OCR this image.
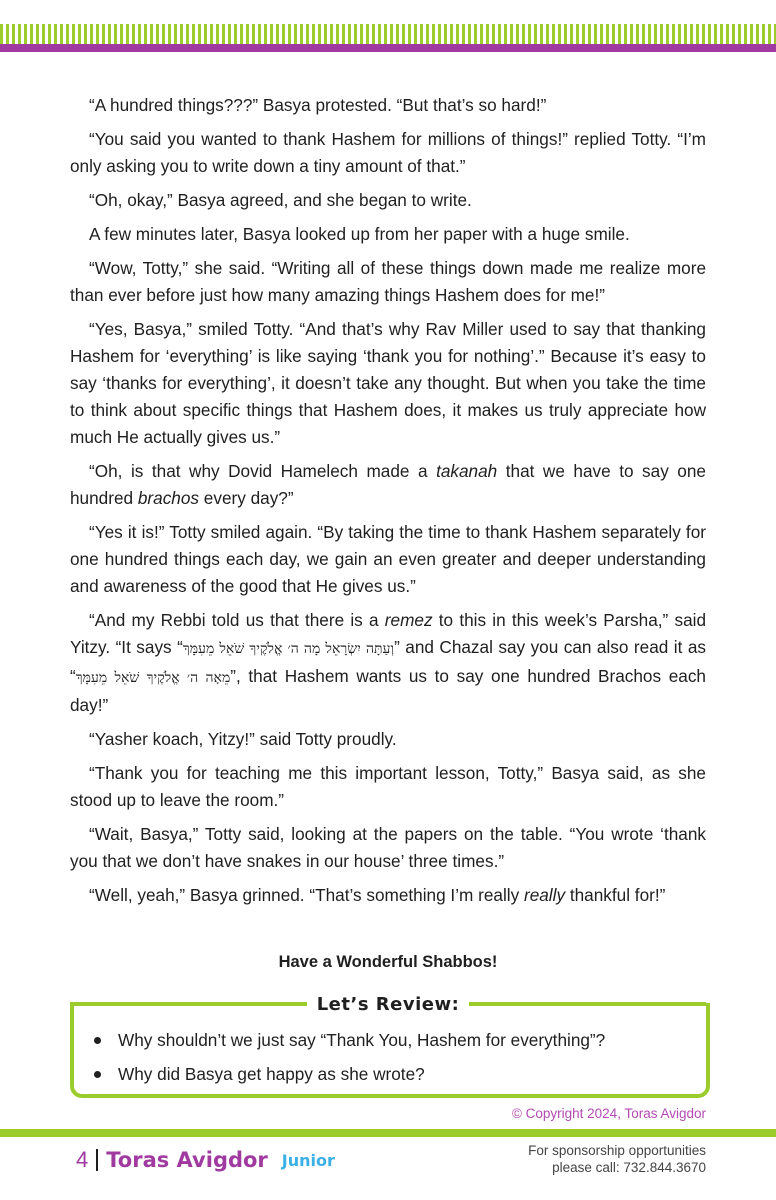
“A hundred things???” Basya protested. “But that’s so hard!”

“You said you wanted to thank Hashem for millions of things!” replied Totty. “I’m only asking you to write down a tiny amount of that.”

“Oh, okay,” Basya agreed, and she began to write.

A few minutes later, Basya looked up from her paper with a huge smile.

“Wow, Totty,” she said. “Writing all of these things down made me realize more than ever before just how many amazing things Hashem does for me!”

“Yes, Basya,” smiled Totty. “And that’s why Rav Miller used to say that thanking Hashem for ‘everything’ is like saying ‘thank you for nothing’.” Because it’s easy to say ‘thanks for everything’, it doesn’t take any thought. But when you take the time to think about specific things that Hashem does, it makes us truly appreciate how much He actually gives us.”

“Oh, is that why Dovid Hamelech made a takanah that we have to say one hundred brachos every day?”

“Yes it is!” Totty smiled again. “By taking the time to thank Hashem separately for one hundred things each day, we gain an even greater and deeper understanding and awareness of the good that He gives us.”

“And my Rebbi told us that there is a remez to this in this week’s Parsha,” said Yitzy. “It says “וְעַתָּה יִשְׂרָאֵל מָה ה׳ אֱלֹקֶיךָ שֹׁאֵל מֵעִמָּךְ” and Chazal say you can also read it as “מֵאָה ה׳ אֱלֹקֶיךָ שֹׁאֵל מֵעִמָּךְ”, that Hashem wants us to say one hundred Brachos each day!”

“Yasher koach, Yitzy!” said Totty proudly.

“Thank you for teaching me this important lesson, Totty,” Basya said, as she stood up to leave the room.”

“Wait, Basya,” Totty said, looking at the papers on the table. “You wrote ‘thank you that we don’t have snakes in our house’ three times.”

“Well, yeah,” Basya grinned. “That’s something I’m really really thankful for!”

Have a Wonderful Shabbos!
Why shouldn’t we just say “Thank You, Hashem for everything”?
Why did Basya get happy as she wrote?
Let’s Review:
© Copyright 2024, Toras Avigdor
4 Toras Avigdor Junior	For sponsorship opportunities
please call: 732.844.3670
